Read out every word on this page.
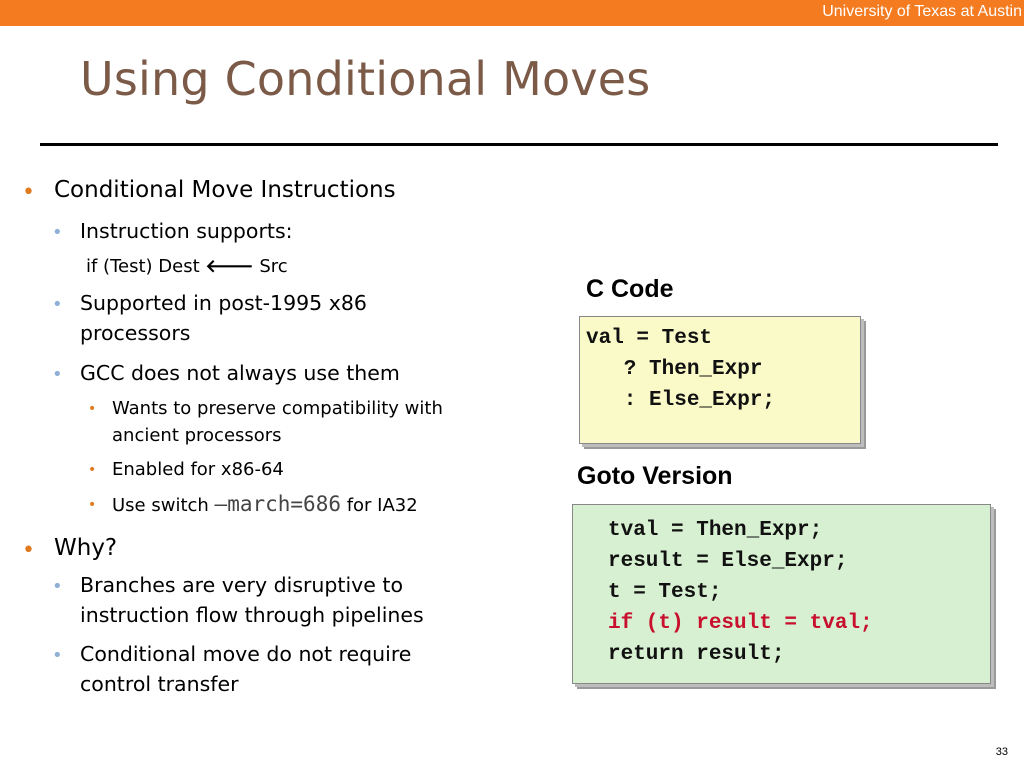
University of Texas at Austin
Using Conditional Moves
• Conditional Move Instructions
• Instruction supports:
if (Test) Dest 🡐 Src
• Supported in post-1995 x86
processors
• GCC does not always use them
• Wants to preserve compatibility with
ancient processors
• Enabled for x86-64
• Use switch –march=686 for IA32
• Why?
• Branches are very disruptive to
instruction flow through pipelines
• Conditional move do not require
control transfer
C Code
val = Test
? Then_Expr
: Else_Expr;
Goto Version
tval = Then_Expr;
result = Else_Expr;
t = Test;
if (t) result = tval;
return result;
33
